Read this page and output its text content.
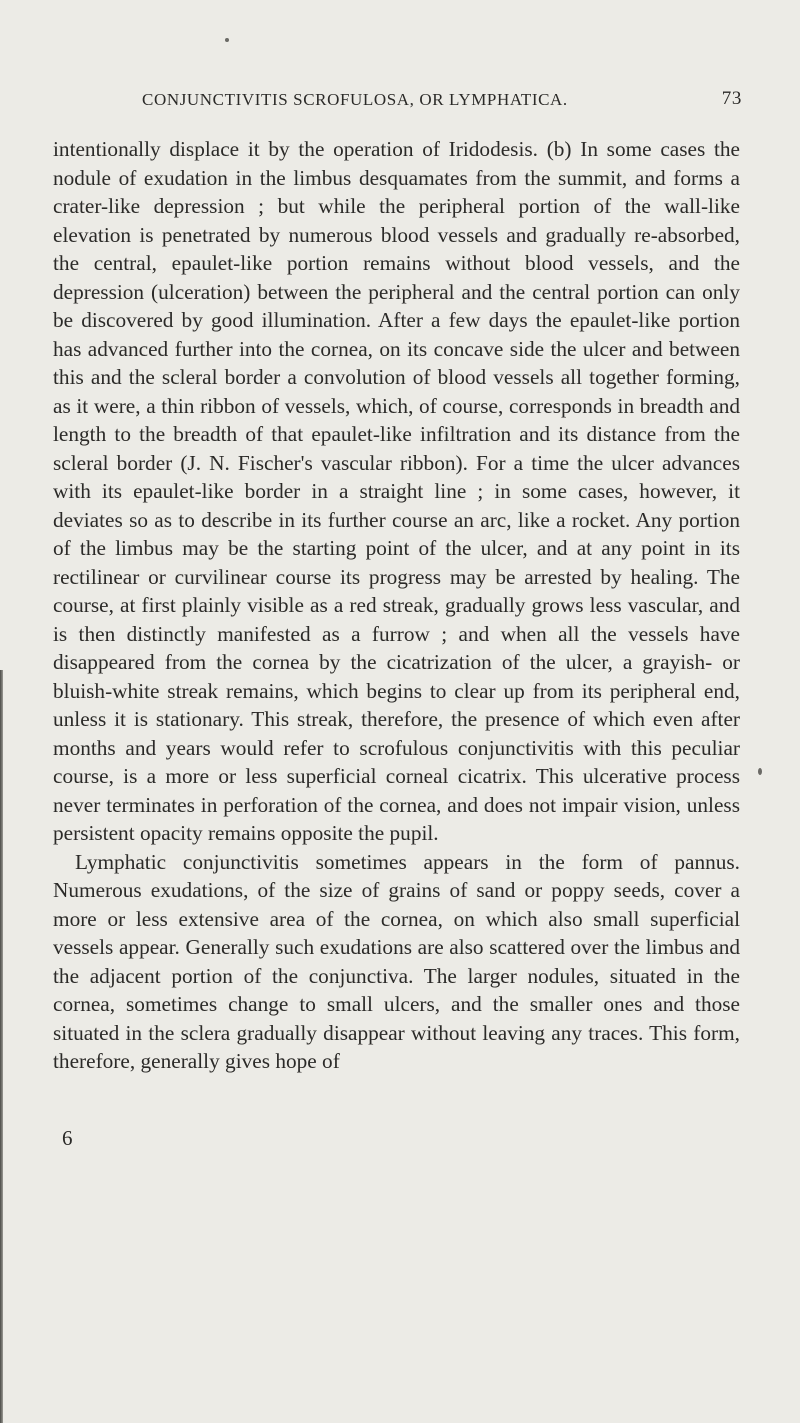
CONJUNCTIVITIS SCROFULOSA, OR LYMPHATICA.	73

intentionally displace it by the operation of Iridodesis. (b) In some cases the nodule of exudation in the limbus desquamates from the summit, and forms a crater-like depression ; but while the peripheral portion of the wall-like elevation is penetrated by numerous blood vessels and gradually re-absorbed, the central, epaulet-like portion remains without blood vessels, and the depression (ulceration) between the peripheral and the central portion can only be discovered by good illumination. After a few days the epaulet-like portion has advanced further into the cornea, on its concave side the ulcer and between this and the scleral border a convolution of blood vessels all together forming, as it were, a thin ribbon of vessels, which, of course, corresponds in breadth and length to the breadth of that epaulet-like infiltration and its distance from the scleral border (J. N. Fischer's vascular ribbon). For a time the ulcer advances with its epaulet-like border in a straight line ; in some cases, however, it deviates so as to describe in its further course an arc, like a rocket. Any portion of the limbus may be the starting point of the ulcer, and at any point in its rectilinear or curvilinear course its progress may be arrested by healing. The course, at first plainly visible as a red streak, gradually grows less vascular, and is then distinctly manifested as a furrow ; and when all the vessels have disappeared from the cornea by the cicatrization of the ulcer, a grayish- or bluish-white streak remains, which begins to clear up from its peripheral end, unless it is stationary. This streak, therefore, the presence of which even after months and years would refer to scrofulous conjunctivitis with this peculiar course, is a more or less superficial corneal cicatrix. This ulcerative process never terminates in perforation of the cornea, and does not impair vision, unless persistent opacity remains opposite the pupil.

Lymphatic conjunctivitis sometimes appears in the form of pannus. Numerous exudations, of the size of grains of sand or poppy seeds, cover a more or less extensive area of the cornea, on which also small superficial vessels appear. Generally such exudations are also scattered over the limbus and the adjacent portion of the conjunctiva. The larger nodules, situated in the cornea, sometimes change to small ulcers, and the smaller ones and those situated in the sclera gradually disappear without leaving any traces. This form, therefore, generally gives hope of

6
